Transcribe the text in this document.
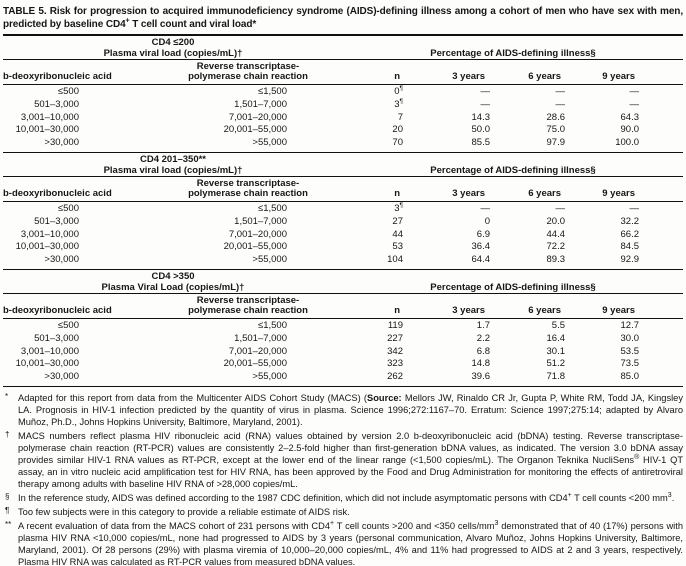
TABLE 5. Risk for progression to acquired immunodeficiency syndrome (AIDS)-defining illness among a cohort of men who have sex with men, predicted by baseline CD4+ T cell count and viral load*
CD4 ≤200
Plasma viral load (copies/mL)†	Percentage of AIDS-defining illness§
b-deoxyribonucleic acid
Reverse transcriptase-
polymerase chain reaction	n	3 years	6 years	9 years
≤500	≤1,500	0¶	—	—	—
501–3,000	1,501–7,000	3¶	—	—	—
3,001–10,000	7,001–20,000	7	14.3	28.6	64.3
10,001–30,000	20,001–55,000	20	50.0	75.0	90.0
>30,000	>55,000	70	85.5	97.9	100.0
CD4 201–350**
Plasma viral load (copies/mL)†	Percentage of AIDS-defining illness§
b-deoxyribonucleic acid
Reverse transcriptase-
polymerase chain reaction	n	3 years	6 years	9 years
≤500	≤1,500	3¶	—	—	—
501–3,000	1,501–7,000	27	0	20.0	32.2
3,001–10,000	7,001–20,000	44	6.9	44.4	66.2
10,001–30,000	20,001–55,000	53	36.4	72.2	84.5
>30,000	>55,000	104	64.4	89.3	92.9
CD4 >350
Plasma Viral Load (copies/mL)†	Percentage of AIDS-defining illness§
b-deoxyribonucleic acid
Reverse transcriptase-
polymerase chain reaction	n	3 years	6 years	9 years
≤500	≤1,500	119	1.7	5.5	12.7
501–3,000	1,501–7,000	227	2.2	16.4	30.0
3,001–10,000	7,001–20,000	342	6.8	30.1	53.5
10,001–30,000	20,001–55,000	323	14.8	51.2	73.5
>30,000	>55,000	262	39.6	71.8	85.0
*	Adapted for this report from data from the Multicenter AIDS Cohort Study (MACS) (Source: Mellors JW, Rinaldo CR Jr, Gupta P, White RM, Todd JA, Kingsley LA. Prognosis in HIV-1 infection predicted by the quantity of virus in plasma. Science 1996;272:1167–70. Erratum: Science 1997;275:14; adapted by Alvaro Muñoz, Ph.D., Johns Hopkins University, Baltimore, Maryland, 2001).
† MACS numbers reflect plasma HIV ribonucleic acid (RNA) values obtained by version 2.0 b-deoxyribonucleic acid (bDNA) testing. Reverse transcriptase-polymerase chain reaction (RT-PCR) values are consistently 2–2.5-fold higher than first-generation bDNA values, as indicated. The version 3.0 bDNA assay provides similar HIV-1 RNA values as RT-PCR, except at the lower end of the linear range (<1,500 copies/mL). The Organon Teknika NucliSens® HIV-1 QT assay, an in vitro nucleic acid amplification test for HIV RNA, has been approved by the Food and Drug Administration for monitoring the effects of antiretroviral therapy among adults with baseline HIV RNA of >28,000 copies/mL.
§ In the reference study, AIDS was defined according to the 1987 CDC definition, which did not include asymptomatic persons with CD4+ T cell counts <200 $mm^3$.
¶ Too few subjects were in this category to provide a reliable estimate of AIDS risk.
** A recent evaluation of data from the MACS cohort of 231 persons with CD4+ T cell counts >200 and <350 cells/$mm^3$ demonstrated that of 40 (17%) persons with plasma HIV RNA <10,000 copies/mL, none had progressed to AIDS by 3 years (personal communication, Alvaro Muñoz, Johns Hopkins University, Baltimore, Maryland, 2001). Of 28 persons (29%) with plasma viremia of 10,000–20,000 copies/mL, 4% and 11% had progressed to AIDS at 2 and 3 years, respectively. Plasma HIV RNA was calculated as RT-PCR values from measured bDNA values.
